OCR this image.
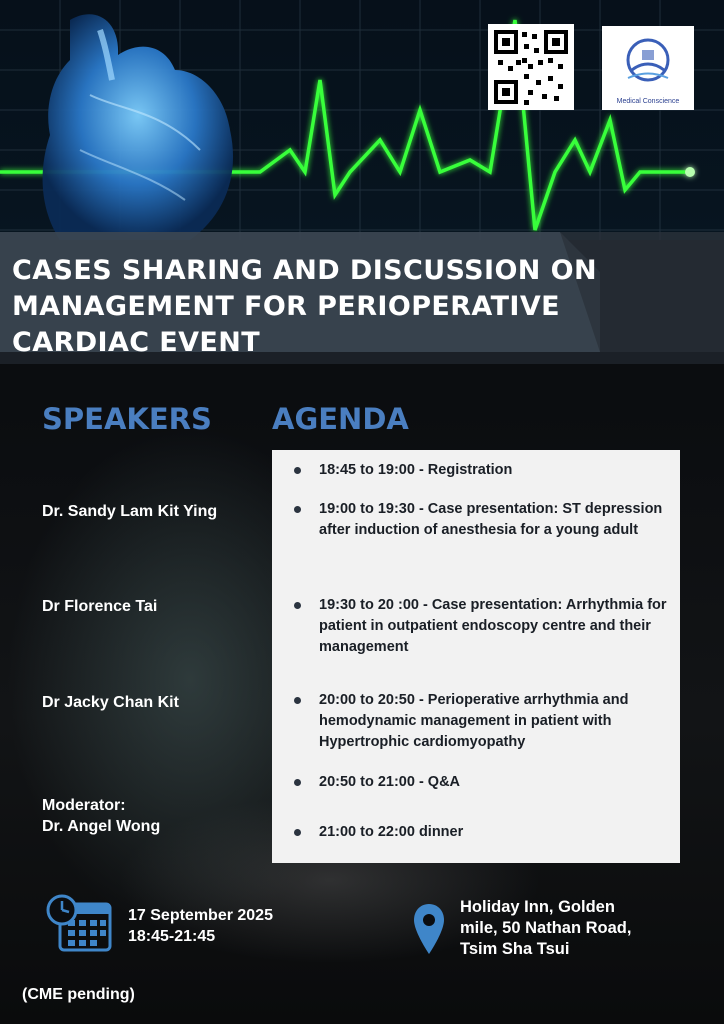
Medical Conscience
CASES SHARING AND DISCUSSION ON MANAGEMENT FOR PERIOPERATIVE CARDIAC EVENT
SPEAKERS AGENDA
Dr. Sandy Lam Kit Ying
Dr Florence Tai
Dr Jacky Chan Kit
Moderator:
Dr. Angel Wong
18:45 to 19:00 - Registration
19:00 to 19:30 - Case presentation: ST depression after induction of anesthesia for a young adult
19:30 to 20 :00 - Case presentation: Arrhythmia for patient in outpatient endoscopy centre and their management
20:00 to 20:50 - Perioperative arrhythmia and hemodynamic management in patient with Hypertrophic cardiomyopathy
20:50 to 21:00 - Q&A
21:00 to 22:00 dinner
17 September 2025
18:45-21:45
Holiday Inn, Golden
mile, 50 Nathan Road,
Tsim Sha Tsui
(CME pending)
